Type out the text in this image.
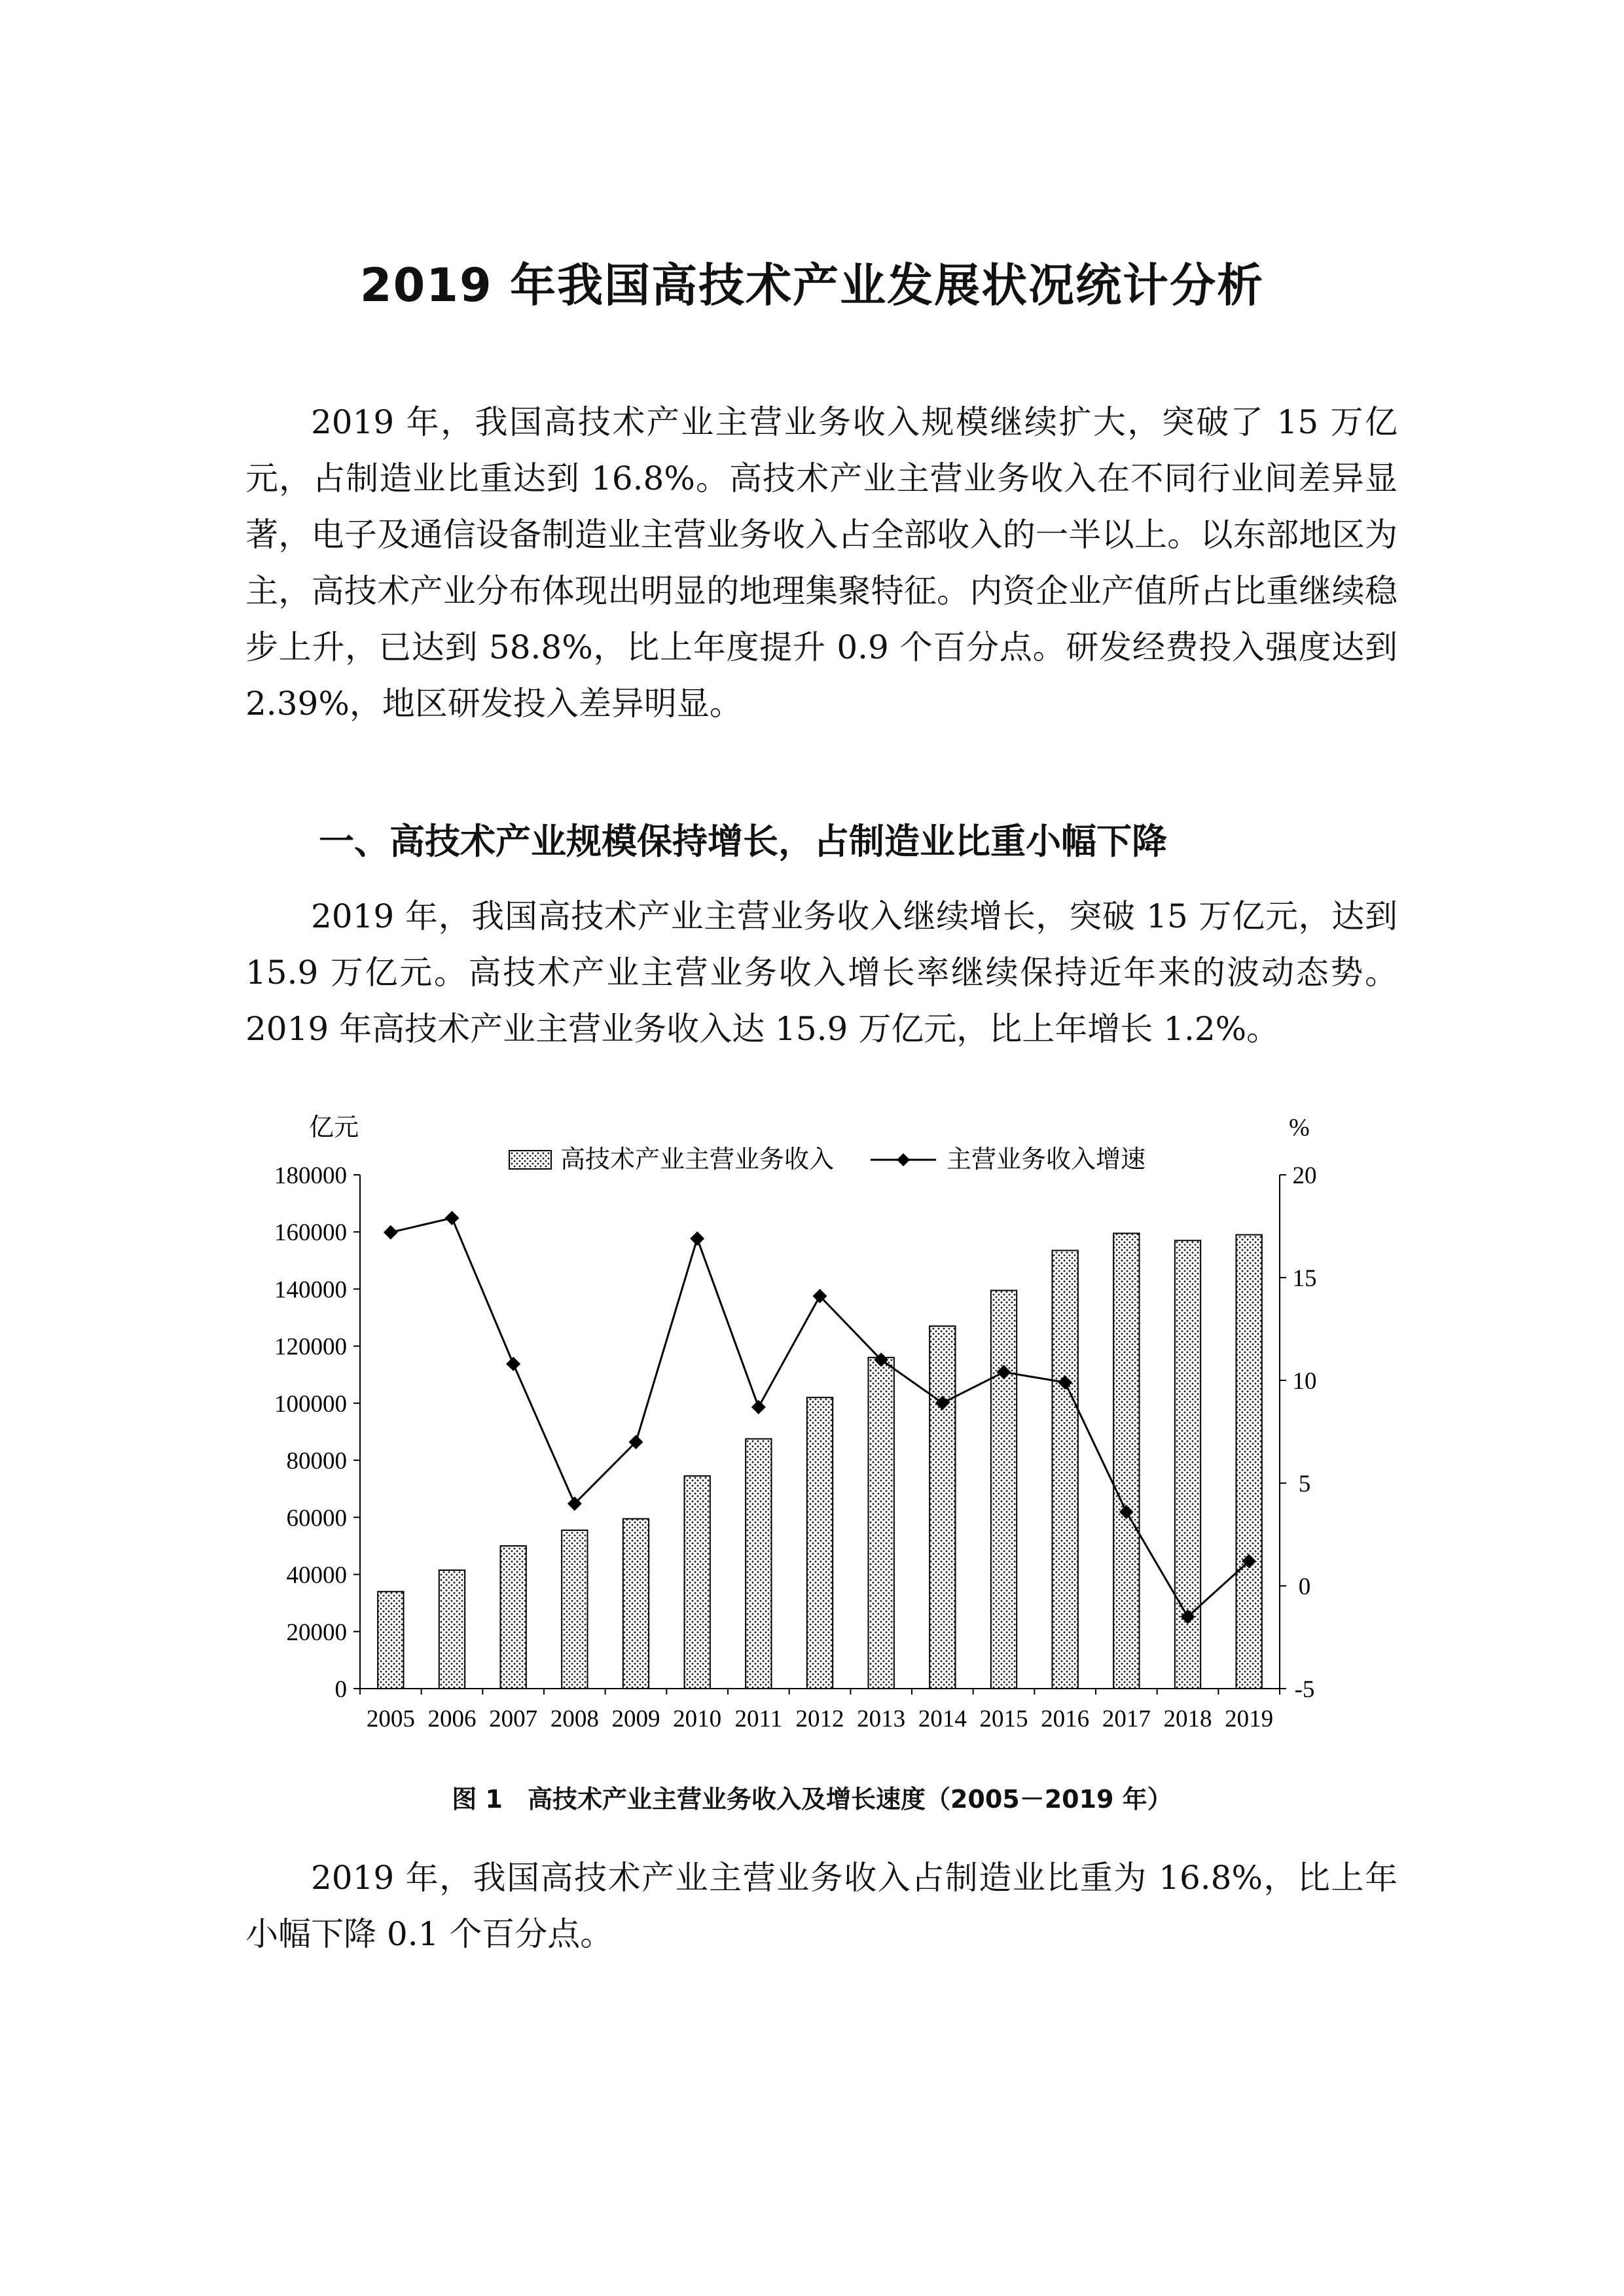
2019 年我国高技术产业发展状况统计分析

2019 年，我国高技术产业主营业务收入规模继续扩大，突破了 15 万亿元，占制造业比重达到 16.8%。高技术产业主营业务收入在不同行业间差异显著，电子及通信设备制造业主营业务收入占全部收入的一半以上。以东部地区为主，高技术产业分布体现出明显的地理集聚特征。内资企业产值所占比重继续稳步上升，已达到 58.8%，比上年度提升 0.9 个百分点。研发经费投入强度达到 2.39%，地区研发投入差异明显。

一、高技术产业规模保持增长，占制造业比重小幅下降

2019 年，我国高技术产业主营业务收入继续增长，突破 15 万亿元，达到 15.9 万亿元。高技术产业主营业务收入增长率继续保持近年来的波动态势。2019 年高技术产业主营业务收入达 15.9 万亿元，比上年增长 1.2%。

亿元	%
高技术产业主营业务收入	主营业务收入增速
0
20000
40000
60000
80000
100000
120000
140000
160000
180000
-5
0
5
10
15
20
2005 2006 2007 2008 2009 2010 2011 2012 2013 2014 2015 2016 2017 2018 2019

图 1　高技术产业主营业务收入及增长速度（2005－2019 年）

2019 年，我国高技术产业主营业务收入占制造业比重为 16.8%，比上年小幅下降 0.1 个百分点。
